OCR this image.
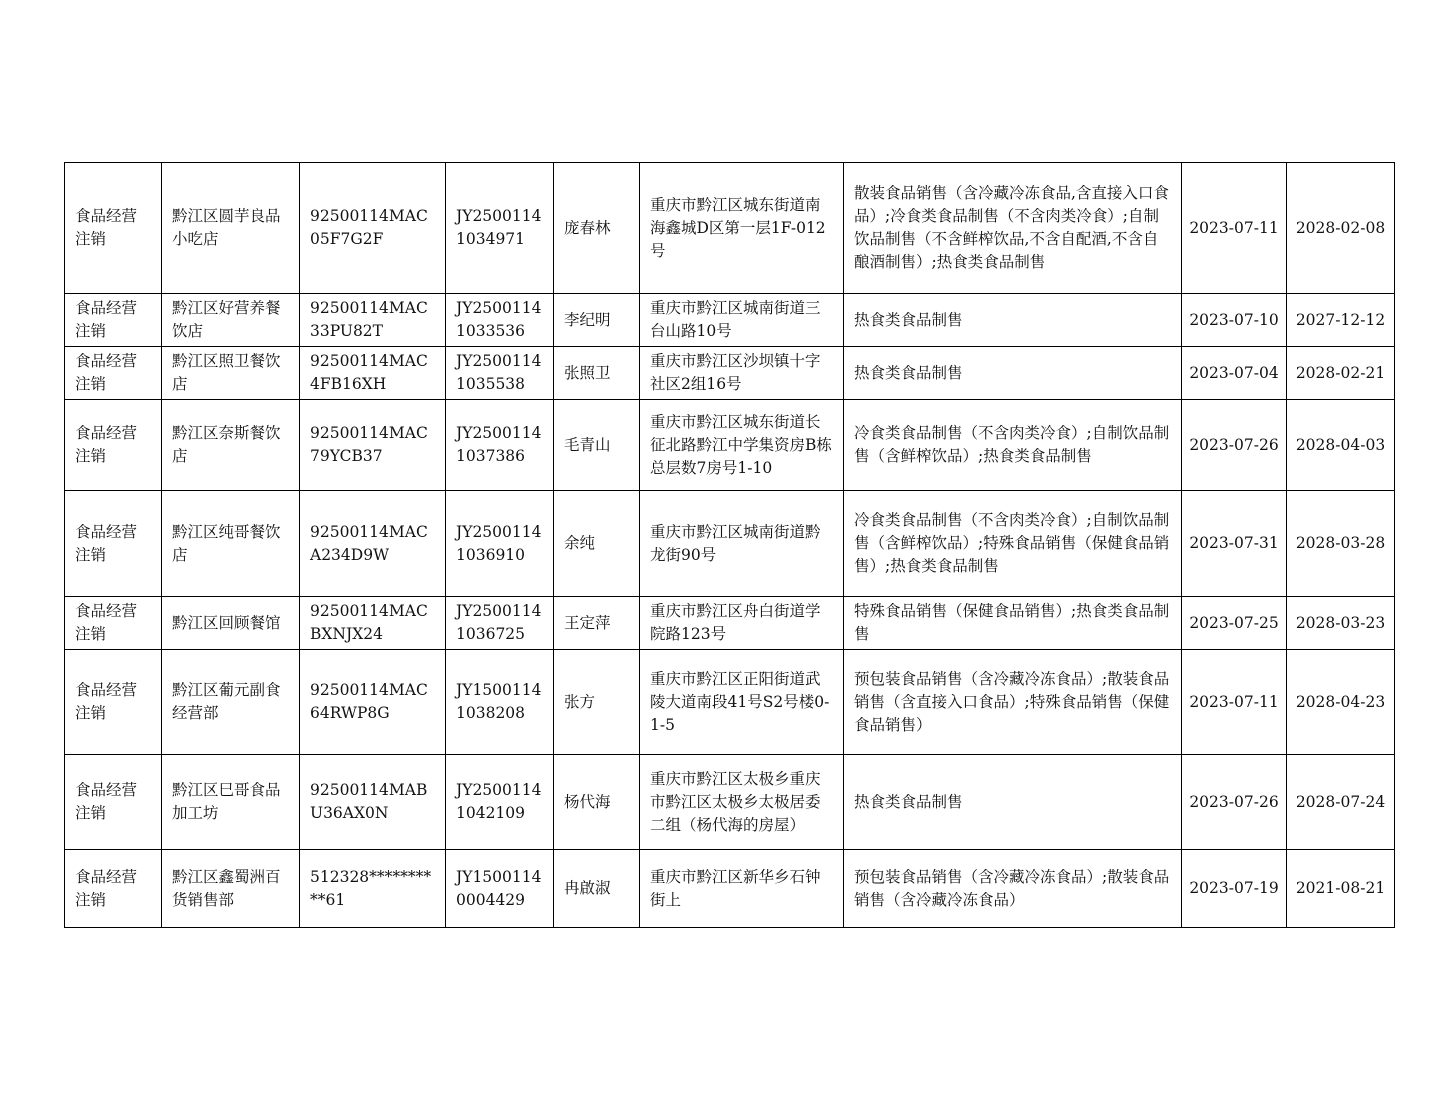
食品经营注销	黔江区圆芋良品小吃店	92500114MAC05F7G2F	JY25001141034971	庞春林	重庆市黔江区城东街道南海鑫城D区第一层1F-012号	散装食品销售（含冷藏冷冻食品,含直接入口食品）;冷食类食品制售（不含肉类冷食）;自制饮品制售（不含鲜榨饮品,不含自配酒,不含自酿酒制售）;热食类食品制售	2023-07-11	2028-02-08
食品经营注销	黔江区好营养餐饮店	92500114MAC33PU82T	JY25001141033536	李纪明	重庆市黔江区城南街道三台山路10号	热食类食品制售	2023-07-10	2027-12-12
食品经营注销	黔江区照卫餐饮店	92500114MAC4FB16XH	JY25001141035538	张照卫	重庆市黔江区沙坝镇十字社区2组16号	热食类食品制售	2023-07-04	2028-02-21
食品经营注销	黔江区奈斯餐饮店	92500114MAC79YCB37	JY25001141037386	毛青山	重庆市黔江区城东街道长征北路黔江中学集资房B栋总层数7房号1-10	冷食类食品制售（不含肉类冷食）;自制饮品制售（含鲜榨饮品）;热食类食品制售	2023-07-26	2028-04-03
食品经营注销	黔江区纯哥餐饮店	92500114MACA234D9W	JY25001141036910	余纯	重庆市黔江区城南街道黔龙街90号	冷食类食品制售（不含肉类冷食）;自制饮品制售（含鲜榨饮品）;特殊食品销售（保健食品销售）;热食类食品制售	2023-07-31	2028-03-28
食品经营注销	黔江区回顾餐馆	92500114MACBXNJX24	JY25001141036725	王定萍	重庆市黔江区舟白街道学院路123号	特殊食品销售（保健食品销售）;热食类食品制售	2023-07-25	2028-03-23
食品经营注销	黔江区葡元副食经营部	92500114MAC64RWP8G	JY15001141038208	张方	重庆市黔江区正阳街道武陵大道南段41号S2号楼0-1-5	预包装食品销售（含冷藏冷冻食品）;散装食品销售（含直接入口食品）;特殊食品销售（保健食品销售）	2023-07-11	2028-04-23
食品经营注销	黔江区巳哥食品加工坊	92500114MABU36AX0N	JY25001141042109	杨代海	重庆市黔江区太极乡重庆市黔江区太极乡太极居委二组（杨代海的房屋）	热食类食品制售	2023-07-26	2028-07-24
食品经营注销	黔江区鑫蜀洲百货销售部	512328**********61	JY15001140004429	冉啟淑	重庆市黔江区新华乡石钟街上	预包装食品销售（含冷藏冷冻食品）;散装食品销售（含冷藏冷冻食品）	2023-07-19	2021-08-21
